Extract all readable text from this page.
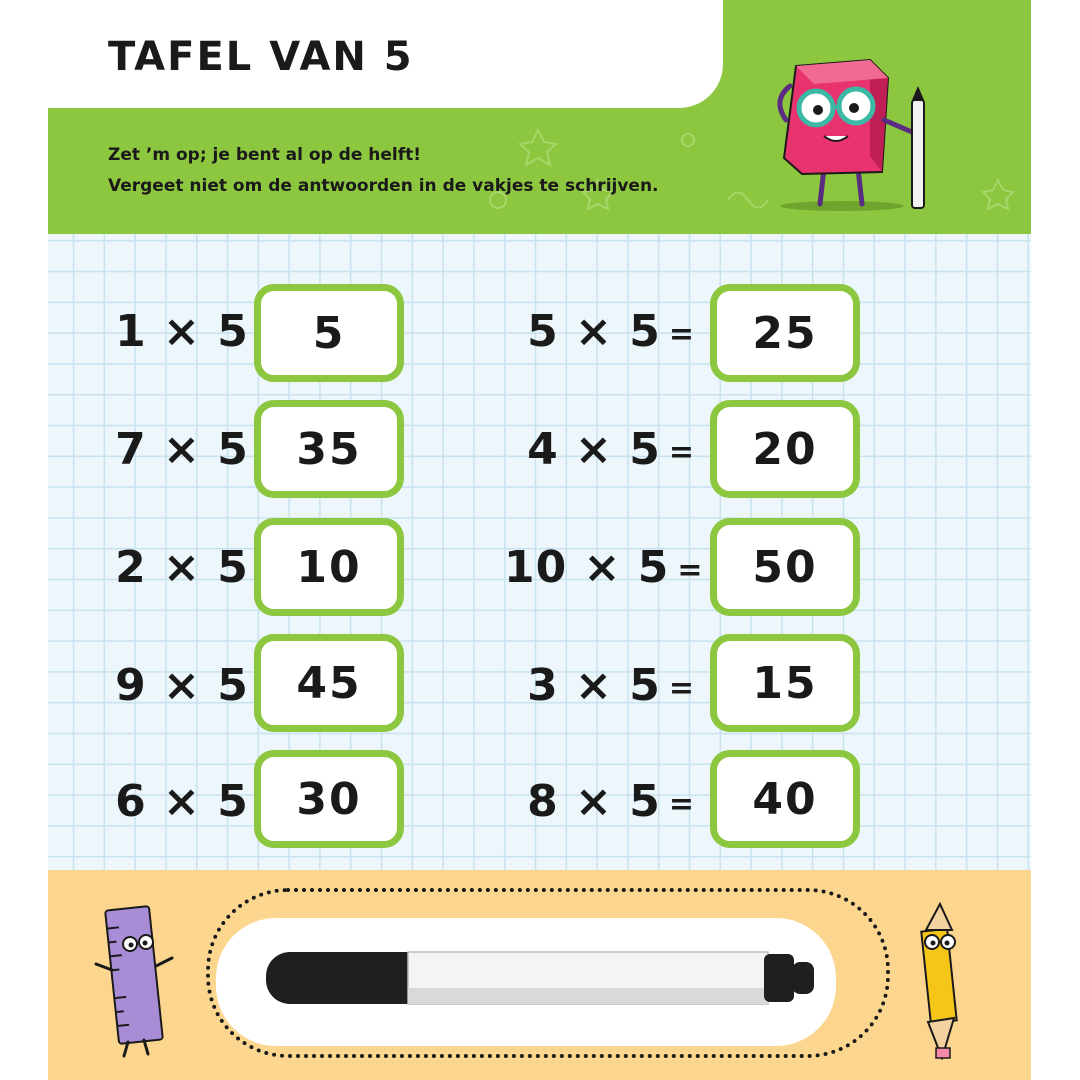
TAFEL VAN 5
Zet ’m op; je bent al op de helft!
Vergeet niet om de antwoorden in de vakjes te schrijven.
1 × 5	5
7 × 5	35
2 × 5	10
9 × 5	45
6 × 5	30
5 × 5 =	25
4 × 5 =	20
10 × 5 =	50
3 × 5 =	15
8 × 5 =	40
